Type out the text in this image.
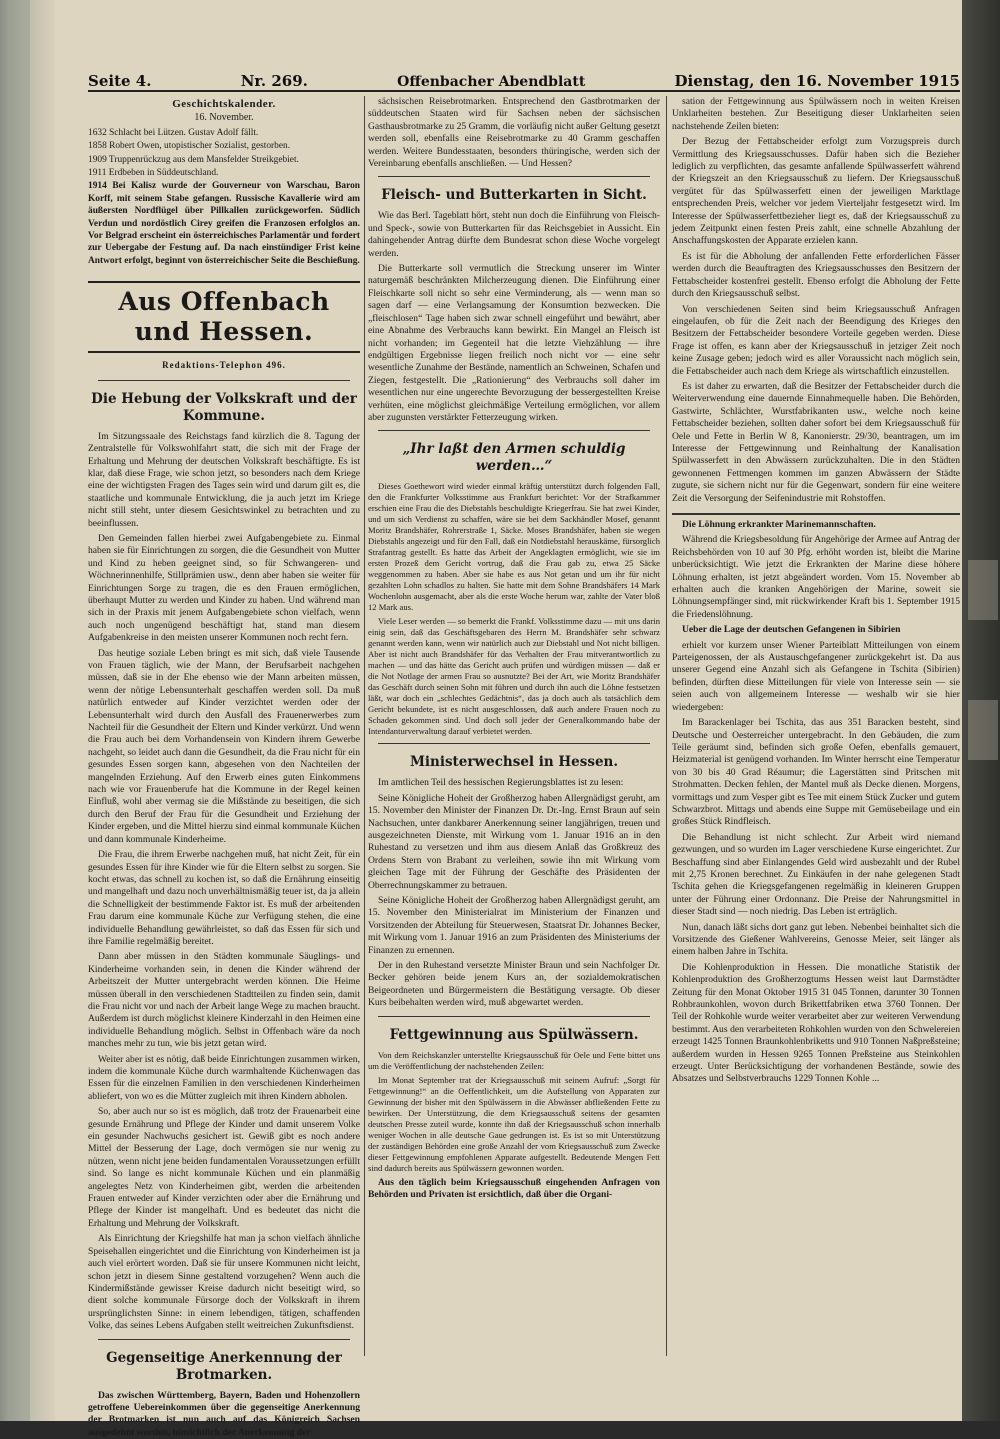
Seite 4.	Nr. 269.	Offenbacher Abendblatt	Dienstag, den 16. November 1915
Geschichtskalender.
16. November.

1632 Schlacht bei Lützen. Gustav Adolf fällt.

1858 Robert Owen, utopistischer Sozialist, gestorben.

1909 Truppenrückzug aus dem Mansfelder Streikgebiet.

1911 Erdbeben in Süddeutschland.

1914 Bei Kalisz wurde der Gouverneur von Warschau, Baron Korff, mit seinem Stabe gefangen. Russische Kavallerie wird am äußersten Nordflügel über Pillkallen zurückgeworfen. Südlich Verdun und nordöstlich Cirey greifen die Franzosen erfolglos an. Vor Belgrad erscheint ein österreichisches Parlamentär und fordert zur Uebergabe der Festung auf. Da nach einstündiger Frist keine Antwort erfolgt, beginnt von österreichischer Seite die Beschießung.

Aus Offenbach und Hessen.
Redaktions-Telephon 496.
Die Hebung der Volkskraft und der Kommune.

Im Sitzungssaale des Reichstags fand kürzlich die 8. Tagung der Zentralstelle für Volkswohlfahrt statt, die sich mit der Frage der Erhaltung und Mehrung der deutschen Volkskraft beschäftigte. Es ist klar, daß diese Frage, wie schon jetzt, so besonders nach dem Kriege eine der wichtigsten Fragen des Tages sein wird und darum gilt es, die staatliche und kommunale Entwicklung, die ja auch jetzt im Kriege nicht still steht, unter diesem Gesichtswinkel zu betrachten und zu beeinflussen.

Den Gemeinden fallen hierbei zwei Aufgabengebiete zu. Einmal haben sie für Einrichtungen zu sorgen, die die Gesundheit von Mutter und Kind zu heben geeignet sind, so für Schwangeren- und Wöchnerinnenhilfe, Stillprämien usw., denn aber haben sie weiter für Einrichtungen Sorge zu tragen, die es den Frauen ermöglichen, überhaupt Mutter zu werden und Kinder zu haben. Und während man sich in der Praxis mit jenem Aufgabengebiete schon vielfach, wenn auch noch ungenügend beschäftigt hat, stand man diesem Aufgabenkreise in den meisten unserer Kommunen noch recht fern.

Das heutige soziale Leben bringt es mit sich, daß viele Tausende von Frauen täglich, wie der Mann, der Berufsarbeit nachgehen müssen, daß sie in der Ehe ebenso wie der Mann arbeiten müssen, wenn der nötige Lebensunterhalt geschaffen werden soll. Da muß natürlich entweder auf Kinder verzichtet werden oder der Lebensunterhalt wird durch den Ausfall des Frauenerwerbes zum Nachteil für die Gesundheit der Eltern und Kinder verkürzt. Und wenn die Frau auch bei dem Vorhandensein von Kindern ihrem Gewerbe nachgeht, so leidet auch dann die Gesundheit, da die Frau nicht für ein gesundes Essen sorgen kann, abgesehen von den Nachteilen der mangelnden Erziehung. Auf den Erwerb eines guten Einkommens nach wie vor Frauenberufe hat die Kommune in der Regel keinen Einfluß, wohl aber vermag sie die Mißstände zu beseitigen, die sich durch den Beruf der Frau für die Gesundheit und Erziehung der Kinder ergeben, und die Mittel hierzu sind einmal kommunale Küchen und dann kommunale Kinderheime.

Die Frau, die ihrem Erwerbe nachgehen muß, hat nicht Zeit, für ein gesundes Essen für ihre Kinder wie für die Eltern selbst zu sorgen. Sie kocht etwas, das schnell zu kochen ist, so daß die Ernährung einseitig und mangelhaft und dazu noch unverhältnismäßig teuer ist, da ja allein die Schnelligkeit der bestimmende Faktor ist. Es muß der arbeitenden Frau darum eine kommunale Küche zur Verfügung stehen, die eine individuelle Behandlung gewährleistet, so daß das Essen für sich und ihre Familie regelmäßig bereitet.

Dann aber müssen in den Städten kommunale Säuglings- und Kinderheime vorhanden sein, in denen die Kinder während der Arbeitszeit der Mutter untergebracht werden können. Die Heime müssen überall in den verschiedenen Stadtteilen zu finden sein, damit die Frau nicht vor und nach der Arbeit lange Wege zu machen braucht. Außerdem ist durch möglichst kleinere Kinderzahl in den Heimen eine individuelle Behandlung möglich. Selbst in Offenbach wäre da noch manches mehr zu tun, wie bis jetzt getan wird.

Weiter aber ist es nötig, daß beide Einrichtungen zusammen wirken, indem die kommunale Küche durch warmhaltende Küchenwagen das Essen für die einzelnen Familien in den verschiedenen Kinderheimen abliefert, von wo es die Mütter zugleich mit ihren Kindern abholen.

So, aber auch nur so ist es möglich, daß trotz der Frauenarbeit eine gesunde Ernährung und Pflege der Kinder und damit unserem Volke ein gesunder Nachwuchs gesichert ist. Gewiß gibt es noch andere Mittel der Besserung der Lage, doch vermögen sie nur wenig zu nützen, wenn nicht jene beiden fundamentalen Voraussetzungen erfüllt sind. So lange es nicht kommunale Küchen und ein planmäßig angelegtes Netz von Kinderheimen gibt, werden die arbeitenden Frauen entweder auf Kinder verzichten oder aber die Ernährung und Pflege der Kinder ist mangelhaft. Und es bedeutet das nicht die Erhaltung und Mehrung der Volkskraft.

Als Einrichtung der Kriegshilfe hat man ja schon vielfach ähnliche Speisehallen eingerichtet und die Einrichtung von Kinderheimen ist ja auch viel erörtert worden. Daß sie für unsere Kommunen nicht leicht, schon jetzt in diesem Sinne gestaltend vorzugehen? Wenn auch die Kindermißstände gewisser Kreise dadurch nicht beseitigt wird, so dient solche kommunale Fürsorge doch der Volkskraft in ihrem ursprünglichsten Sinne: in einem lebendigen, tätigen, schaffenden Volke, das seines Lebens Aufgaben stellt weitreichen Zukunftsdienst.

Gegenseitige Anerkennung der Brotmarken.

Das zwischen Württemberg, Bayern, Baden und Hohenzollern getroffene Uebereinkommen über die gegenseitige Anerkennung der Brotmarken ist nun auch auf das Königreich Sachsen ausgedehnt worden, hinsichtlich der Anerkennung der

sächsischen Reisebrotmarken. Entsprechend den Gastbrotmarken der süddeutschen Staaten wird für Sachsen neben der sächsischen Gasthausbrotmarke zu 25 Gramm, die vorläufig nicht außer Geltung gesetzt werden soll, ebenfalls eine Reisebrotmarke zu 40 Gramm geschaffen werden. Weitere Bundesstaaten, besonders thüringische, werden sich der Vereinbarung ebenfalls anschließen. — Und Hessen?

Fleisch- und Butterkarten in Sicht.

Wie das Berl. Tageblatt hört, steht nun doch die Einführung von Fleisch- und Speck-, sowie von Butterkarten für das Reichsgebiet in Aussicht. Ein dahingehender Antrag dürfte dem Bundesrat schon diese Woche vorgelegt werden.

Die Butterkarte soll vermutlich die Streckung unserer im Winter naturgemäß beschränkten Milcherzeugung dienen. Die Einführung einer Fleischkarte soll nicht so sehr eine Verminderung, als — wenn man so sagen darf — eine Verlangsamung der Konsumtion bezwecken. Die „fleischlosen“ Tage haben sich zwar schnell eingeführt und bewährt, aber eine Abnahme des Verbrauchs kann bewirkt. Ein Mangel an Fleisch ist nicht vorhanden; im Gegenteil hat die letzte Viehzählung — ihre endgültigen Ergebnisse liegen freilich noch nicht vor — eine sehr wesentliche Zunahme der Bestände, namentlich an Schweinen, Schafen und Ziegen, festgestellt. Die „Rationierung“ des Verbrauchs soll daher im wesentlichen nur eine ungerechte Bevorzugung der bessergestellten Kreise verhüten, eine möglichst gleichmäßige Verteilung ermöglichen, vor allem aber zugunsten verstärkter Fetterzeugung wirken.

„Ihr laßt den Armen schuldig werden…“

Dieses Goethewort wird wieder einmal kräftig unterstützt durch folgenden Fall, den die Frankfurter Volksstimme aus Frankfurt berichtet: Vor der Strafkammer erschien eine Frau die des Diebstahls beschuldigte Kriegerfrau. Sie hat zwei Kinder, und um sich Verdienst zu schaffen, wäre sie bei dem Sackhändler Mosef, genannt Moritz Brandshäfer, Rohrerstraße 1, Säcke. Moses Brandshäfer, haben sie wegen Diebstahls angezeigt und für den Fall, daß ein Notdiebstahl herauskäme, fürsorglich Strafantrag gestellt. Es hatte das Arbeit der Angeklagten ermöglicht, wie sie im ersten Prozeß dem Gericht vortrug, daß die Frau gab zu, etwa 25 Säcke weggenommen zu haben. Aber sie habe es aus Not getan und um ihr für nicht gezahlten Lohn schadlos zu halten. Sie hatte mit dem Sohne Brandshäfers 14 Mark Wochenlohn ausgemacht, aber als die erste Woche herum war, zahlte der Vater bloß 12 Mark aus.

Viele Leser werden — so bemerkt die Frankf. Volksstimme dazu — mit uns darin einig sein, daß das Geschäftsgebaren des Herrn M. Brandshäfer sehr schwarz genannt werden kann, wenn wir natürlich auch zur Diebstahl und Not nicht billigen. Aber ist nicht auch Brandshäfer für das Verhalten der Frau mitverantwortlich zu machen — und das hätte das Gericht auch prüfen und würdigen müssen — daß er die Not Notlage der armen Frau so ausnutzte? Bei der Art, wie Moritz Brandshäfer das Geschäft durch seinen Sohn mit führen und durch ihn auch die Löhne festsetzen läßt, war doch ein „schlechtes Gedächtnis“, das ja doch auch als tatsächlich dem Gericht bekundete, ist es nicht ausgeschlossen, daß auch andere Frauen noch zu Schaden gekommen sind. Und doch soll jeder der Generalkommando habe der Intendanturverwaltung darauf verbietet werden.

Ministerwechsel in Hessen.

Im amtlichen Teil des hessischen Regierungsblattes ist zu lesen:

Seine Königliche Hoheit der Großherzog haben Allergnädigst geruht, am 15. November den Minister der Finanzen Dr. Dr.-Ing. Ernst Braun auf sein Nachsuchen, unter dankbarer Anerkennung seiner langjährigen, treuen und ausgezeichneten Dienste, mit Wirkung vom 1. Januar 1916 an in den Ruhestand zu versetzen und ihm aus diesem Anlaß das Großkreuz des Ordens Stern von Brabant zu verleihen, sowie ihn mit Wirkung vom gleichen Tage mit der Führung der Geschäfte des Präsidenten der Oberrechnungskammer zu betrauen.

Seine Königliche Hoheit der Großherzog haben Allergnädigst geruht, am 15. November den Ministerialrat im Ministerium der Finanzen und Vorsitzenden der Abteilung für Steuerwesen, Staatsrat Dr. Johannes Becker, mit Wirkung vom 1. Januar 1916 an zum Präsidenten des Ministeriums der Finanzen zu ernennen.

Der in den Ruhestand versetzte Minister Braun und sein Nachfolger Dr. Becker gehören beide jenem Kurs an, der sozialdemokratischen Beigeordneten und Bürgermeistern die Bestätigung versagte. Ob dieser Kurs beibehalten werden wird, muß abgewartet werden.

Fettgewinnung aus Spülwässern.

Von dem Reichskanzler unterstellte Kriegsausschuß für Oele und Fette bittet uns um die Veröffentlichung der nachstehenden Zeilen:

Im Monat September trat der Kriegsausschuß mit seinem Aufruf: „Sorgt für Fettgewinnung!“ an die Oeffentlichkeit, um die Aufstellung von Apparaten zur Gewinnung der bisher mit den Spülwässern in die Abwässer abfließenden Fette zu bewirken. Der Unterstützung, die dem Kriegsausschuß seitens der gesamten deutschen Presse zuteil wurde, konnte ihn daß der Kriegsausschuß schon innerhalb weniger Wochen in alle deutsche Gaue gedrungen ist. Es ist so mit Unterstützung der zuständigen Behörden eine große Anzahl der vom Kriegsausschuß zum Zwecke dieser Fettgewinnung empfohlenen Apparate aufgestellt. Bedeutende Mengen Fett sind dadurch bereits aus Spülwässern gewonnen worden.

Aus den täglich beim Kriegsausschuß eingehenden Anfragen von Behörden und Privaten ist ersichtlich, daß über die Organi-

sation der Fettgewinnung aus Spülwässern noch in weiten Kreisen Unklarheiten bestehen. Zur Beseitigung dieser Unklarheiten seien nachstehende Zeilen bieten:

Der Bezug der Fettabscheider erfolgt zum Vorzugspreis durch Vermittlung des Kriegsausschusses. Dafür haben sich die Bezieher lediglich zu verpflichten, das gesamte anfallende Spülwasserfett während der Kriegszeit an den Kriegsausschuß zu liefern. Der Kriegsausschuß vergütet für das Spülwasserfett einen der jeweiligen Marktlage entsprechenden Preis, welcher vor jedem Vierteljahr festgesetzt wird. Im Interesse der Spülwasserfettbezieher liegt es, daß der Kriegsausschuß zu jedem Zeitpunkt einen festen Preis zahlt, eine schnelle Abzahlung der Anschaffungskosten der Apparate erzielen kann.

Es ist für die Abholung der anfallenden Fette erforderlichen Fässer werden durch die Beauftragten des Kriegsausschusses den Besitzern der Fettabscheider kostenfrei gestellt. Ebenso erfolgt die Abholung der Fette durch den Kriegsausschuß selbst.

Von verschiedenen Seiten sind beim Kriegsausschuß Anfragen eingelaufen, ob für die Zeit nach der Beendigung des Krieges den Besitzern der Fettabscheider besondere Vorteile gegeben werden. Diese Frage ist offen, es kann aber der Kriegsausschuß in jetziger Zeit noch keine Zusage geben; jedoch wird es aller Voraussicht nach möglich sein, die Fettabscheider auch nach dem Kriege als wirtschaftlich einzustellen.

Es ist daher zu erwarten, daß die Besitzer der Fettabscheider durch die Weiterverwendung eine dauernde Einnahmequelle haben. Die Behörden, Gastwirte, Schlächter, Wurstfabrikanten usw., welche noch keine Fettabscheider beziehen, sollten daher sofort bei dem Kriegsausschuß für Oele und Fette in Berlin W 8, Kanonierstr. 29/30, beantragen, um im Interesse der Fettgewinnung und Reinhaltung der Kanalisation Spülwasserfett in den Abwässern zurückzuhalten. Die in den Städten gewonnenen Fettmengen kommen im ganzen Abwässern der Städte zugute, sie sichern nicht nur für die Gegenwart, sondern für eine weitere Zeit die Versorgung der Seifenindustrie mit Rohstoffen.

Die Löhnung erkrankter Marinemannschaften.

Während die Kriegsbesoldung für Angehörige der Armee auf Antrag der Reichsbehörden von 10 auf 30 Pfg. erhöht worden ist, bleibt die Marine unberücksichtigt. Wie jetzt die Erkrankten der Marine diese höhere Löhnung erhalten, ist jetzt abgeändert worden. Vom 15. November ab erhalten auch die kranken Angehörigen der Marine, soweit sie Löhnungsempfänger sind, mit rückwirkender Kraft bis 1. September 1915 die Friedenslöhnung.

Ueber die Lage der deutschen Gefangenen in Sibirien

erhielt vor kurzem unser Wiener Parteiblatt Mitteilungen von einem Parteigenossen, der als Austauschgefangener zurückgekehrt ist. Da aus unserer Gegend eine Anzahl sich als Gefangene in Tschita (Sibirien) befinden, dürften diese Mitteilungen für viele von Interesse sein — sie seien auch von allgemeinem Interesse — weshalb wir sie hier wiedergeben:

Im Barackenlager bei Tschita, das aus 351 Baracken besteht, sind Deutsche und Oesterreicher untergebracht. In den Gebäuden, die zum Teile geräumt sind, befinden sich große Oefen, ebenfalls gemauert, Heizmaterial ist genügend vorhanden. Im Winter herrscht eine Temperatur von 30 bis 40 Grad Réaumur; die Lagerstätten sind Pritschen mit Strohmatten. Decken fehlen, der Mantel muß als Decke dienen. Morgens, vormittags und zum Vesper gibt es Tee mit einem Stück Zucker und gutem Schwarzbrot. Mittags und abends eine Suppe mit Gemüsebeilage und ein großes Stück Rindfleisch.

Die Behandlung ist nicht schlecht. Zur Arbeit wird niemand gezwungen, und so wurden im Lager verschiedene Kurse eingerichtet. Zur Beschaffung sind aber Einlangendes Geld wird ausbezahlt und der Rubel mit 2,75 Kronen berechnet. Zu Einkäufen in der nahe gelegenen Stadt Tschita gehen die Kriegsgefangenen regelmäßig in kleineren Gruppen unter der Führung einer Ordonnanz. Die Preise der Nahrungsmittel in dieser Stadt sind — noch niedrig. Das Leben ist erträglich.

Nun, danach läßt sichs dort ganz gut leben. Nebenbei beinhaltet sich die Vorsitzende des Gießener Wahlvereins, Genosse Meier, seit länger als einem halben Jahre in Tschita.

Die Kohlenproduktion in Hessen. Die monatliche Statistik der Kohlenproduktion des Großherzogtums Hessen weist laut Darmstädter Zeitung für den Monat Oktober 1915 31 045 Tonnen, darunter 30 Tonnen Rohbraunkohlen, wovon durch Brikettfabriken etwa 3760 Tonnen. Der Teil der Rohkohle wurde weiter verarbeitet aber zur weiteren Verwendung bestimmt. Aus den verarbeiteten Rohkohlen wurden von den Schwelereien erzeugt 1425 Tonnen Braunkohlenbriketts und 910 Tonnen Naßpreßsteine; außerdem wurden in Hessen 9265 Tonnen Preßsteine aus Steinkohlen erzeugt. Unter Berücksichtigung der vorhandenen Bestände, sowie des Absatzes und Selbstverbrauchs 1229 Tonnen Kohle ...
